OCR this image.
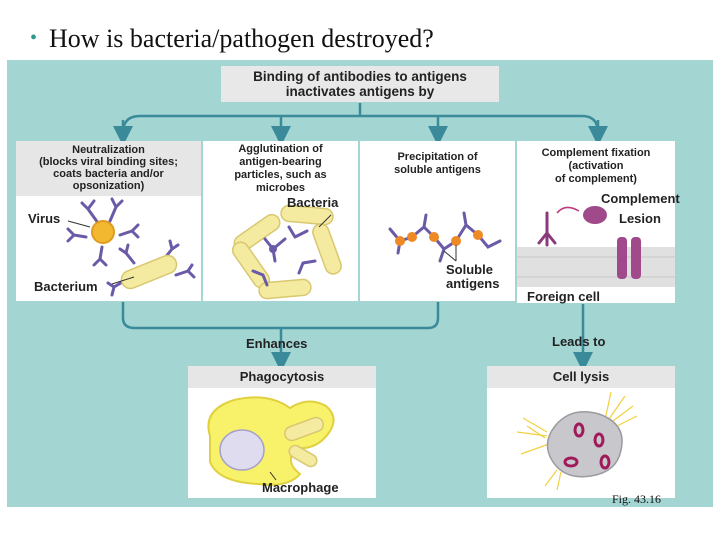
• How is bacteria/pathogen destroyed?
Binding of antibodies to antigens
inactivates antigens by
Neutralization
(blocks viral binding sites;
coats bacteria and/or
opsonization)
Virus
Bacterium
Agglutination of
antigen-bearing
particles, such as
microbes
Bacteria
Precipitation of
soluble antigens
Soluble
antigens
Complement fixation
(activation
of complement)
Complement
Lesion
Foreign cell
Enhances	Leads to
Phagocytosis
Macrophage
Cell lysis
Fig. 43.16
